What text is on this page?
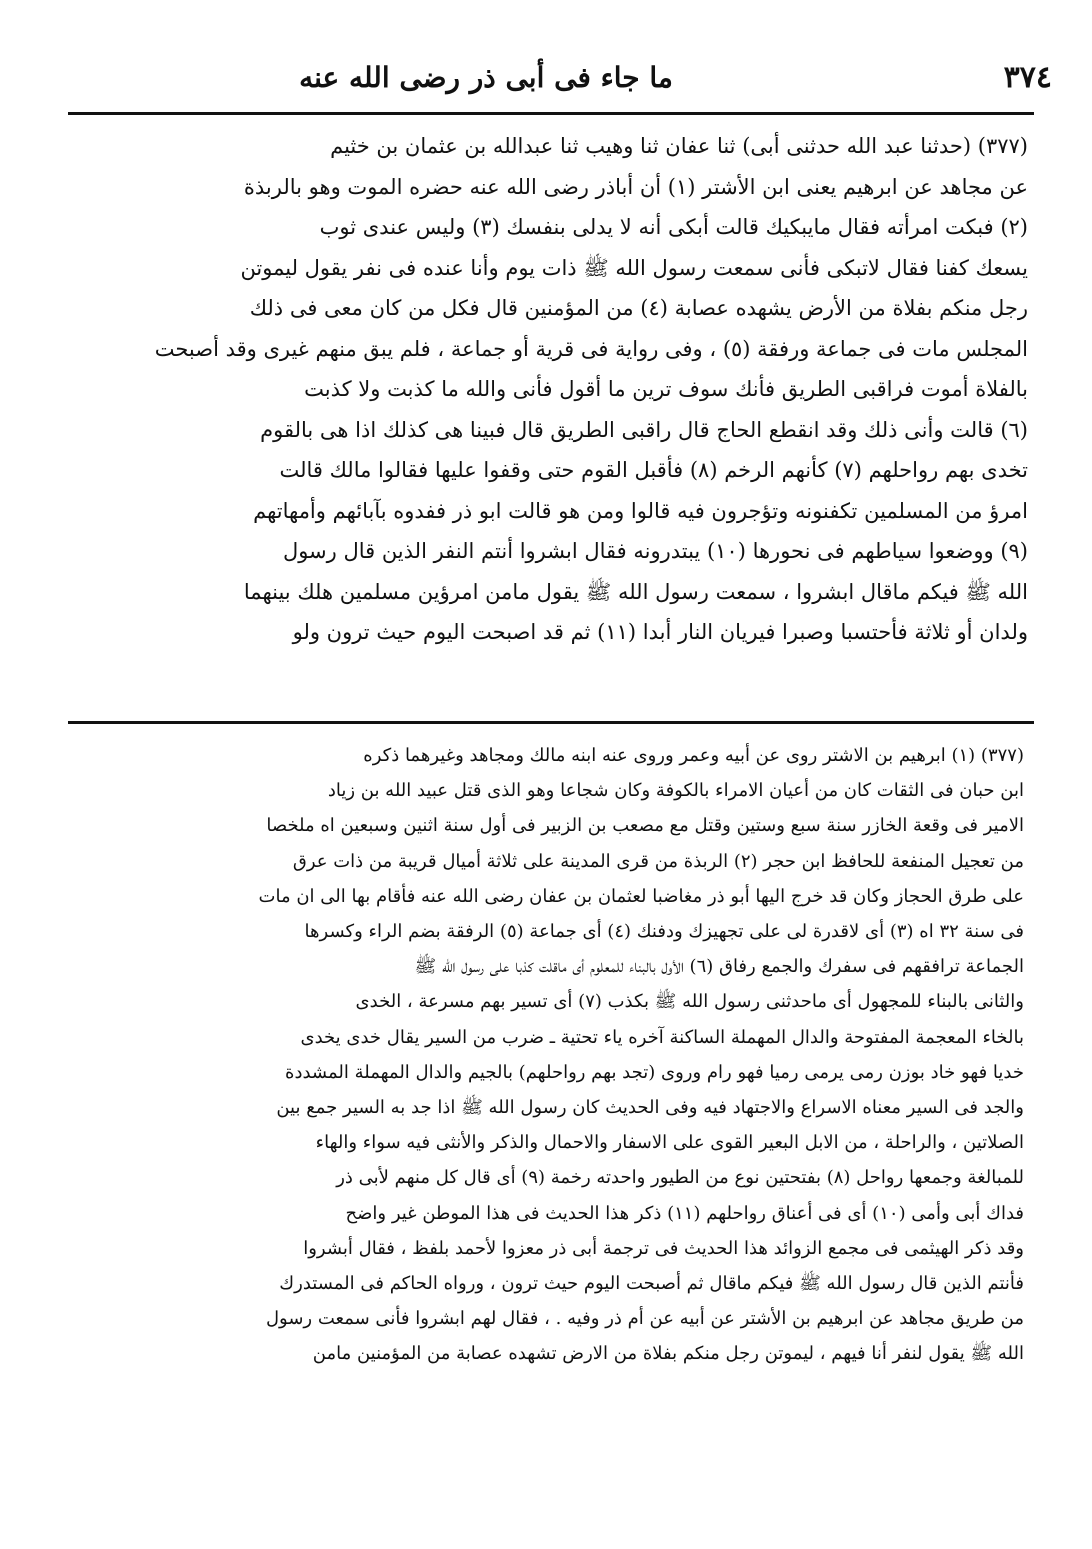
٣٧٤
ما جاء فى أبى ذر رضى الله عنه
(٣٧٧) (حدثنا عبد الله حدثنى أبى) ثنا عفان ثنا وهيب ثنا عبدالله بن عثمان بن خثيم
عن مجاهد عن ابرهيم يعنى ابن الأشتر (١) أن أباذر رضى الله عنه حضره الموت وهو بالربذة
(٢) فبكت امرأته فقال مايبكيك قالت أبكى أنه لا يدلى بنفسك (٣) وليس عندى ثوب
يسعك كفنا فقال لاتبكى فأنى سمعت رسول الله ﷺ ذات يوم وأنا عنده فى نفر يقول ليموتن
رجل منكم بفلاة من الأرض يشهده عصابة (٤) من المؤمنين قال فكل من كان معى فى ذلك
المجلس مات فى جماعة ورفقة (٥) ، وفى رواية فى قرية أو جماعة ، فلم يبق منهم غيرى وقد أصبحت
بالفلاة أموت فراقبى الطريق فأنك سوف ترين ما أقول فأنى والله ما كذبت ولا كذبت
(٦) قالت وأنى ذلك وقد انقطع الحاج قال راقبى الطريق قال فبينا هى كذلك اذا هى بالقوم
تخدى بهم رواحلهم (٧) كأنهم الرخم (٨) فأقبل القوم حتى وقفوا عليها فقالوا مالك قالت
امرؤ من المسلمين تكفنونه وتؤجرون فيه قالوا ومن هو قالت ابو ذر ففدوه بآبائهم وأمهاتهم
(٩) ووضعوا سياطهم فى نحورها (١٠) يبتدرونه فقال ابشروا أنتم النفر الذين قال رسول
الله ﷺ فيكم ماقال ابشروا ، سمعت رسول الله ﷺ يقول مامن امرؤين مسلمين هلك بينهما
ولدان أو ثلاثة فأحتسبا وصبرا فيريان النار أبدا (١١) ثم قد اصبحت اليوم حيث ترون ولو
(٣٧٧) (١) ابرهيم بن الاشتر روى عن أبيه وعمر وروى عنه ابنه مالك ومجاهد وغيرهما ذكره
ابن حبان فى الثقات كان من أعيان الامراء بالكوفة وكان شجاعا وهو الذى قتل عبيد الله بن زياد
الامير فى وقعة الخازر سنة سبع وستين وقتل مع مصعب بن الزبير فى أول سنة اثنين وسبعين اه ملخصا
من تعجيل المنفعة للحافظ ابن حجر (٢) الربذة من قرى المدينة على ثلاثة أميال قريبة من ذات عرق
على طرق الحجاز وكان قد خرج اليها أبو ذر مغاضبا لعثمان بن عفان رضى الله عنه فأقام بها الى ان مات
فى سنة ٣٢ اه (٣) أى لاقدرة لى على تجهيزك ودفنك (٤) أى جماعة (٥) الرفقة بضم الراء وكسرها
الجماعة ترافقهم فى سفرك والجمع رفاق (٦) الأول بالبناء للمعلوم أى ماقلت كذبا على رسول الله ﷺ
والثانى بالبناء للمجهول أى ماحدثنى رسول الله ﷺ بكذب (٧) أى تسير بهم مسرعة ، الخدى
بالخاء المعجمة المفتوحة والدال المهملة الساكنة آخره ياء تحتية ـ ضرب من السير يقال خدى يخدى
خديا فهو خاد بوزن رمى يرمى رميا فهو رام وروى (تجد بهم رواحلهم) بالجيم والدال المهملة المشددة
والجد فى السير معناه الاسراع والاجتهاد فيه وفى الحديث كان رسول الله ﷺ اذا جد به السير جمع بين
الصلاتين ، والراحلة ، من الابل البعير القوى على الاسفار والاحمال والذكر والأنثى فيه سواء والهاء
للمبالغة وجمعها رواحل (٨) بفتحتين نوع من الطيور واحدته رخمة (٩) أى قال كل منهم لأبى ذر
فداك أبى وأمى (١٠) أى فى أعناق رواحلهم (١١) ذكر هذا الحديث فى هذا الموطن غير واضح
وقد ذكر الهيثمى فى مجمع الزوائد هذا الحديث فى ترجمة أبى ذر معزوا لأحمد بلفظ ، فقال أبشروا
فأنتم الذين قال رسول الله ﷺ فيكم ماقال ثم أصبحت اليوم حيث ترون ، ورواه الحاكم فى المستدرك
من طريق مجاهد عن ابرهيم بن الأشتر عن أبيه عن أم ذر وفيه . ، فقال لهم ابشروا فأنى سمعت رسول
الله ﷺ يقول لنفر أنا فيهم ، ليموتن رجل منكم بفلاة من الارض تشهده عصابة من المؤمنين مامن
